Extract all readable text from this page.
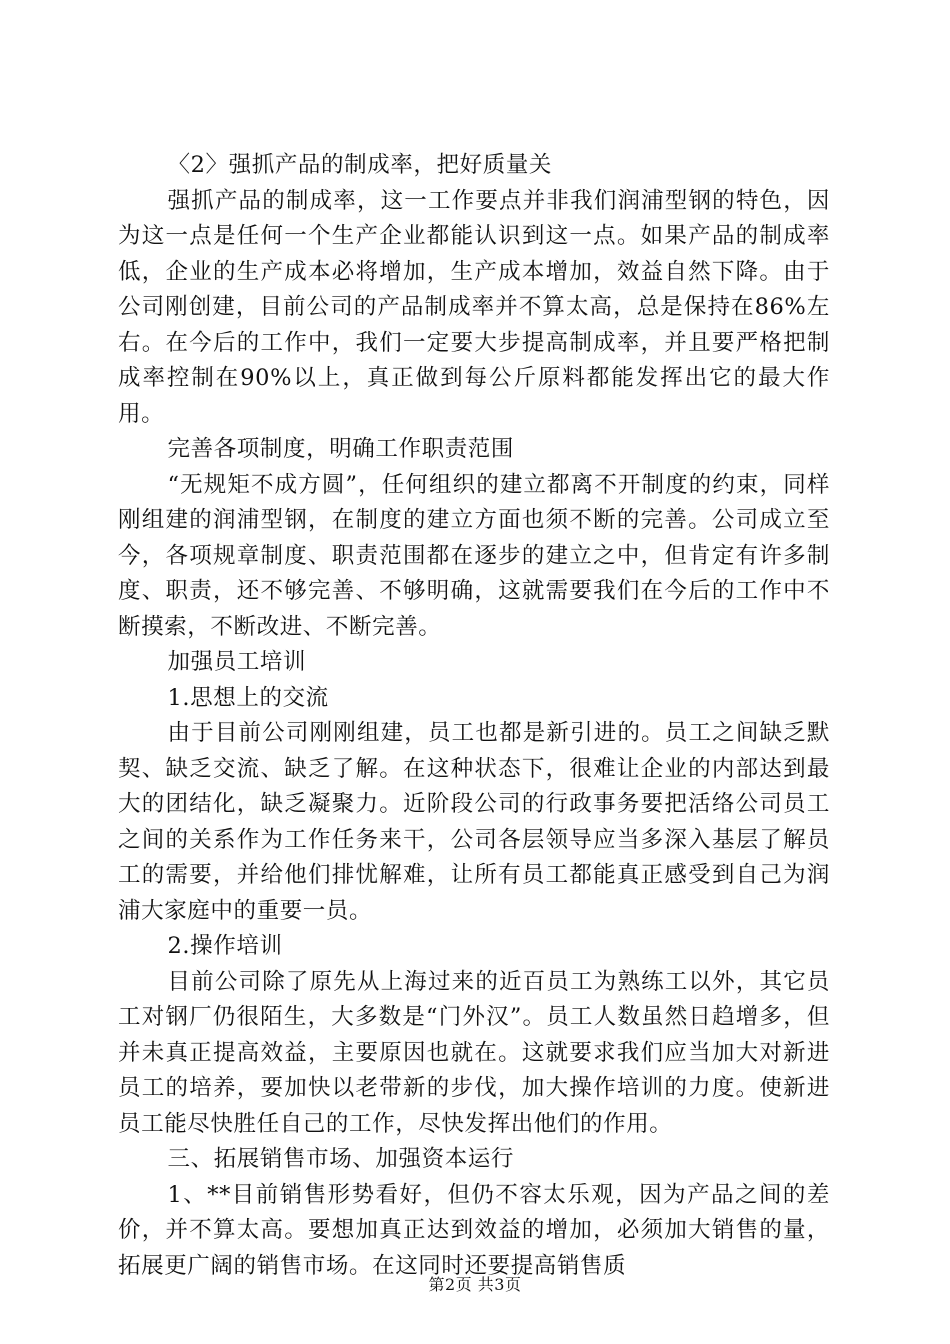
〈2〉强抓产品的制成率，把好质量关

强抓产品的制成率，这一工作要点并非我们润浦型钢的特色，因为这一点是任何一个生产企业都能认识到这一点。如果产品的制成率低，企业的生产成本必将增加，生产成本增加，效益自然下降。由于公司刚创建，目前公司的产品制成率并不算太高，总是保持在86%左右。在今后的工作中，我们一定要大步提高制成率，并且要严格把制成率控制在90%以上，真正做到每公斤原料都能发挥出它的最大作用。

完善各项制度，明确工作职责范围

“无规矩不成方圆”，任何组织的建立都离不开制度的约束，同样刚组建的润浦型钢，在制度的建立方面也须不断的完善。公司成立至今，各项规章制度、职责范围都在逐步的建立之中，但肯定有许多制度、职责，还不够完善、不够明确，这就需要我们在今后的工作中不断摸索，不断改进、不断完善。

加强员工培训

1.思想上的交流

由于目前公司刚刚组建，员工也都是新引进的。员工之间缺乏默契、缺乏交流、缺乏了解。在这种状态下，很难让企业的内部达到最大的团结化，缺乏凝聚力。近阶段公司的行政事务要把活络公司员工之间的关系作为工作任务来干，公司各层领导应当多深入基层了解员工的需要，并给他们排忧解难，让所有员工都能真正感受到自己为润浦大家庭中的重要一员。

2.操作培训

目前公司除了原先从上海过来的近百员工为熟练工以外，其它员工对钢厂仍很陌生，大多数是“门外汉”。员工人数虽然日趋增多，但并未真正提高效益，主要原因也就在。这就要求我们应当加大对新进员工的培养，要加快以老带新的步伐，加大操作培训的力度。使新进员工能尽快胜任自己的工作，尽快发挥出他们的作用。

三、拓展销售市场、加强资本运行

1、**目前销售形势看好，但仍不容太乐观，因为产品之间的差价，并不算太高。要想加真正达到效益的增加，必须加大销售的量，拓展更广阔的销售市场。在这同时还要提高销售质

第2页 共3页
